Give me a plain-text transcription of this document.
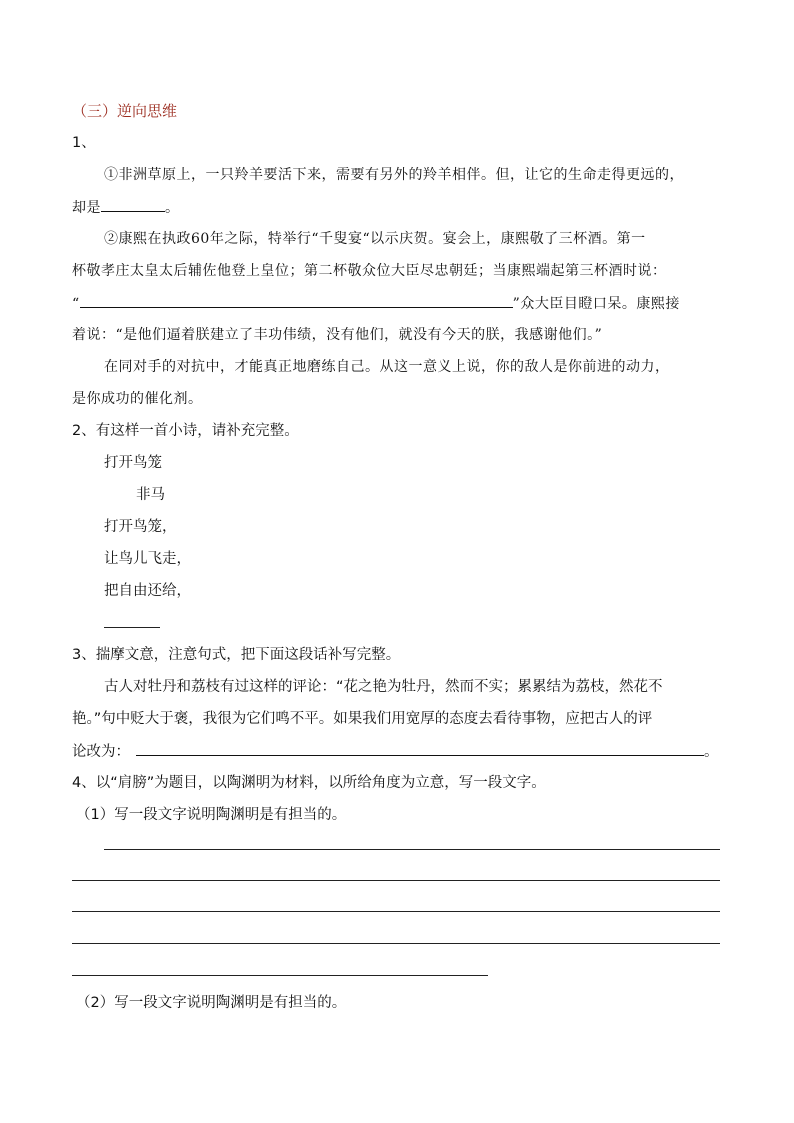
（三）逆向思维
1、
①非洲草原上，一只羚羊要活下来，需要有另外的羚羊相伴。但，让它的生命走得更远的，
却是	。
②康熙在执政60年之际，特举行“千叟宴“以示庆贺。宴会上，康熙敬了三杯酒。第一
杯敬孝庄太皇太后辅佐他登上皇位；第二杯敬众位大臣尽忠朝廷；当康熙端起第三杯酒时说：
“	”众大臣目瞪口呆。康熙接
着说：“是他们逼着朕建立了丰功伟绩，没有他们，就没有今天的朕，我感谢他们。”
在同对手的对抗中，才能真正地磨练自己。从这一意义上说，你的敌人是你前进的动力，
是你成功的催化剂。
2、有这样一首小诗，请补充完整。
打开鸟笼
非马
打开鸟笼，
让鸟儿飞走，
把自由还给，
3、揣摩文意，注意句式，把下面这段话补写完整。
古人对牡丹和荔枝有过这样的评论：“花之艳为牡丹，然而不实；累累结为荔枝，然花不
艳。”句中贬大于褒，我很为它们鸣不平。如果我们用宽厚的态度去看待事物，应把古人的评
论改为：	。
4、以“肩膀”为题目，以陶渊明为材料，以所给角度为立意，写一段文字。
（1）写一段文字说明陶渊明是有担当的。
（2）写一段文字说明陶渊明是有担当的。
